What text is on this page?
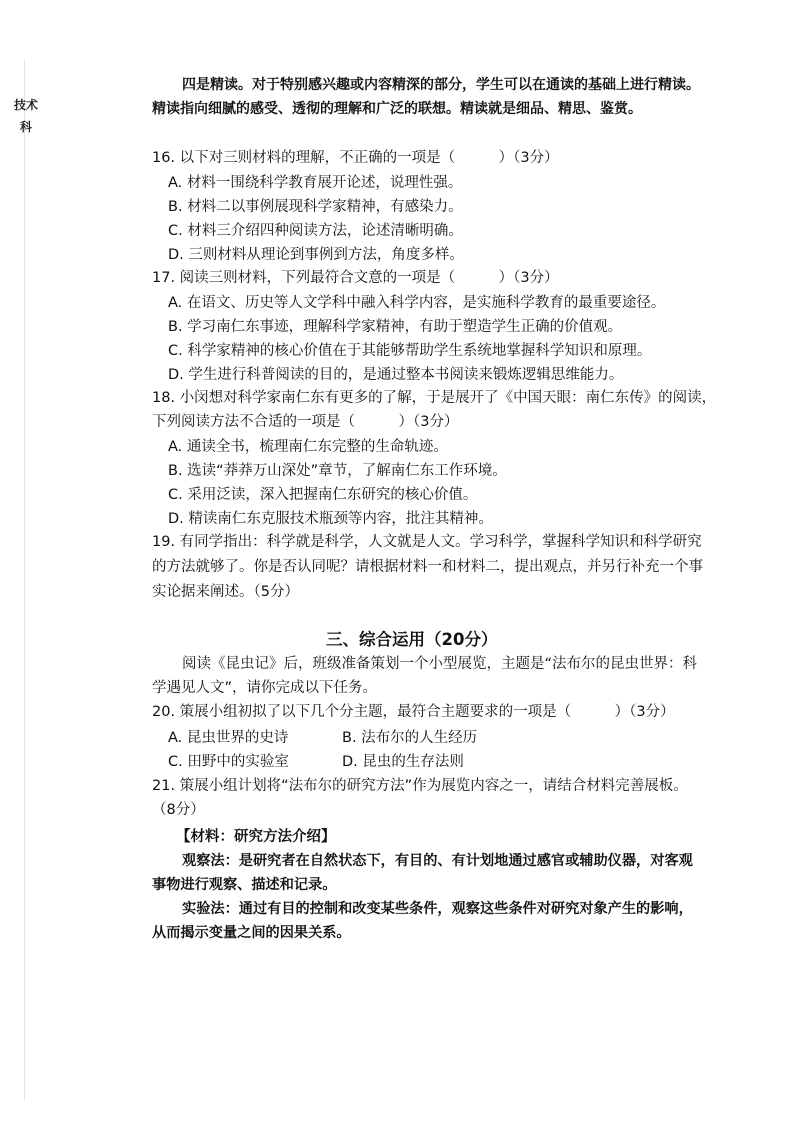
技术
科
四是精读。对于特别感兴趣或内容精深的部分，学生可以在通读的基础上进行精读。
精读指向细腻的感受、透彻的理解和广泛的联想。精读就是细品、精思、鉴赏。
16. 以下对三则材料的理解，不正确的一项是（　　　）（3分）
A. 材料一围绕科学教育展开论述，说理性强。
B. 材料二以事例展现科学家精神，有感染力。
C. 材料三介绍四种阅读方法，论述清晰明确。
D. 三则材料从理论到事例到方法，角度多样。
17. 阅读三则材料，下列最符合文意的一项是（　　　）（3分）
A. 在语文、历史等人文学科中融入科学内容，是实施科学教育的最重要途径。
B. 学习南仁东事迹，理解科学家精神，有助于塑造学生正确的价值观。
C. 科学家精神的核心价值在于其能够帮助学生系统地掌握科学知识和原理。
D. 学生进行科普阅读的目的，是通过整本书阅读来锻炼逻辑思维能力。
18. 小闵想对科学家南仁东有更多的了解，于是展开了《中国天眼：南仁东传》的阅读，
下列阅读方法不合适的一项是（　　　）（3分）
A. 通读全书，梳理南仁东完整的生命轨迹。
B. 选读“莽莽万山深处”章节，了解南仁东工作环境。
C. 采用泛读，深入把握南仁东研究的核心价值。
D. 精读南仁东克服技术瓶颈等内容，批注其精神。
19. 有同学指出：科学就是科学，人文就是人文。学习科学，掌握科学知识和科学研究
的方法就够了。你是否认同呢？请根据材料一和材料二，提出观点，并另行补充一个事
实论据来阐述。（5分）
三、综合运用（20分）
阅读《昆虫记》后，班级准备策划一个小型展览，主题是“法布尔的昆虫世界：科
学遇见人文”，请你完成以下任务。
20. 策展小组初拟了以下几个分主题，最符合主题要求的一项是（　　　）（3分）
A. 昆虫世界的史诗	B. 法布尔的人生经历
C. 田野中的实验室	D. 昆虫的生存法则
21. 策展小组计划将“法布尔的研究方法”作为展览内容之一，请结合材料完善展板。
（8分）
【材料：研究方法介绍】
观察法：是研究者在自然状态下，有目的、有计划地通过感官或辅助仪器，对客观
事物进行观察、描述和记录。
实验法：通过有目的控制和改变某些条件，观察这些条件对研究对象产生的影响，
从而揭示变量之间的因果关系。
